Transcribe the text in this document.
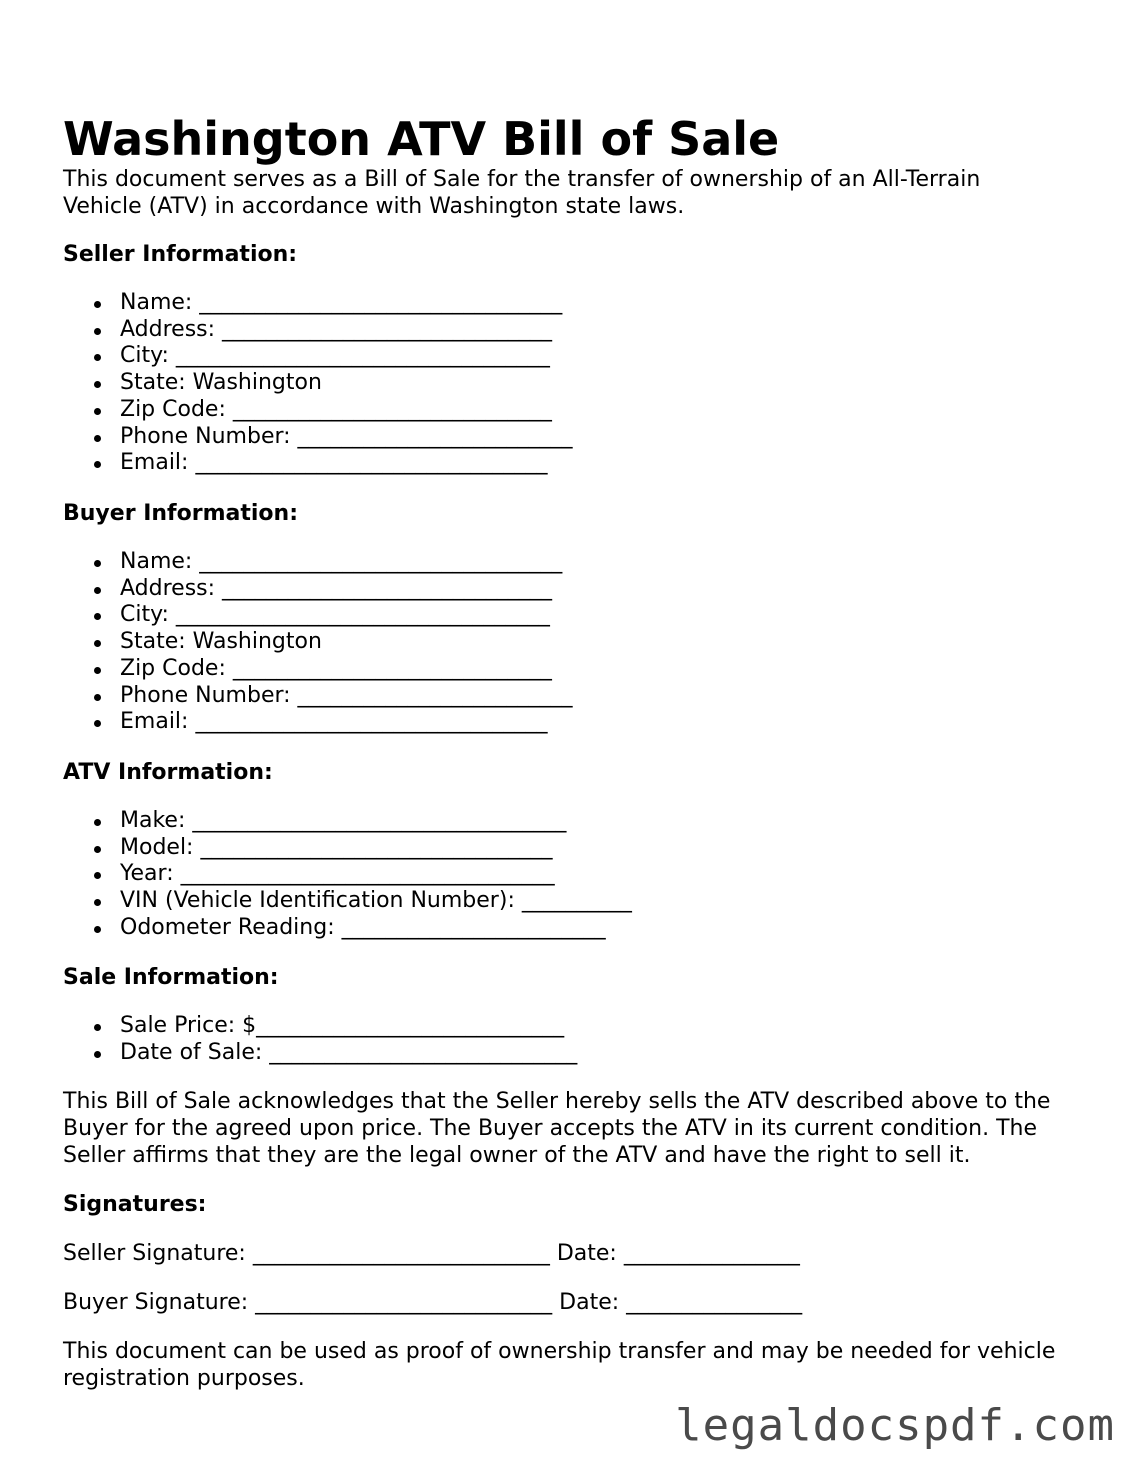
Washington ATV Bill of Sale

This document serves as a Bill of Sale for the transfer of ownership of an All-Terrain Vehicle (ATV) in accordance with Washington state laws.

Seller Information:
Name: _________________________________
Address: ______________________________
City: __________________________________
State: Washington
Zip Code: _____________________________
Phone Number: _________________________
Email: ________________________________
Buyer Information:
Name: _________________________________
Address: ______________________________
City: __________________________________
State: Washington
Zip Code: _____________________________
Phone Number: _________________________
Email: ________________________________
ATV Information:
Make: __________________________________
Model: ________________________________
Year: __________________________________
VIN (Vehicle Identification Number): __________
Odometer Reading: ________________________
Sale Information:
Sale Price: $____________________________
Date of Sale: ____________________________

This Bill of Sale acknowledges that the Seller hereby sells the ATV described above to the Buyer for the agreed upon price. The Buyer accepts the ATV in its current condition. The Seller affirms that they are the legal owner of the ATV and have the right to sell it.

Signatures:
Seller Signature: ___________________________ Date: ________________
Buyer Signature: ___________________________ Date: ________________

This document can be used as proof of ownership transfer and may be needed for vehicle registration purposes.

legaldocspdf.com
